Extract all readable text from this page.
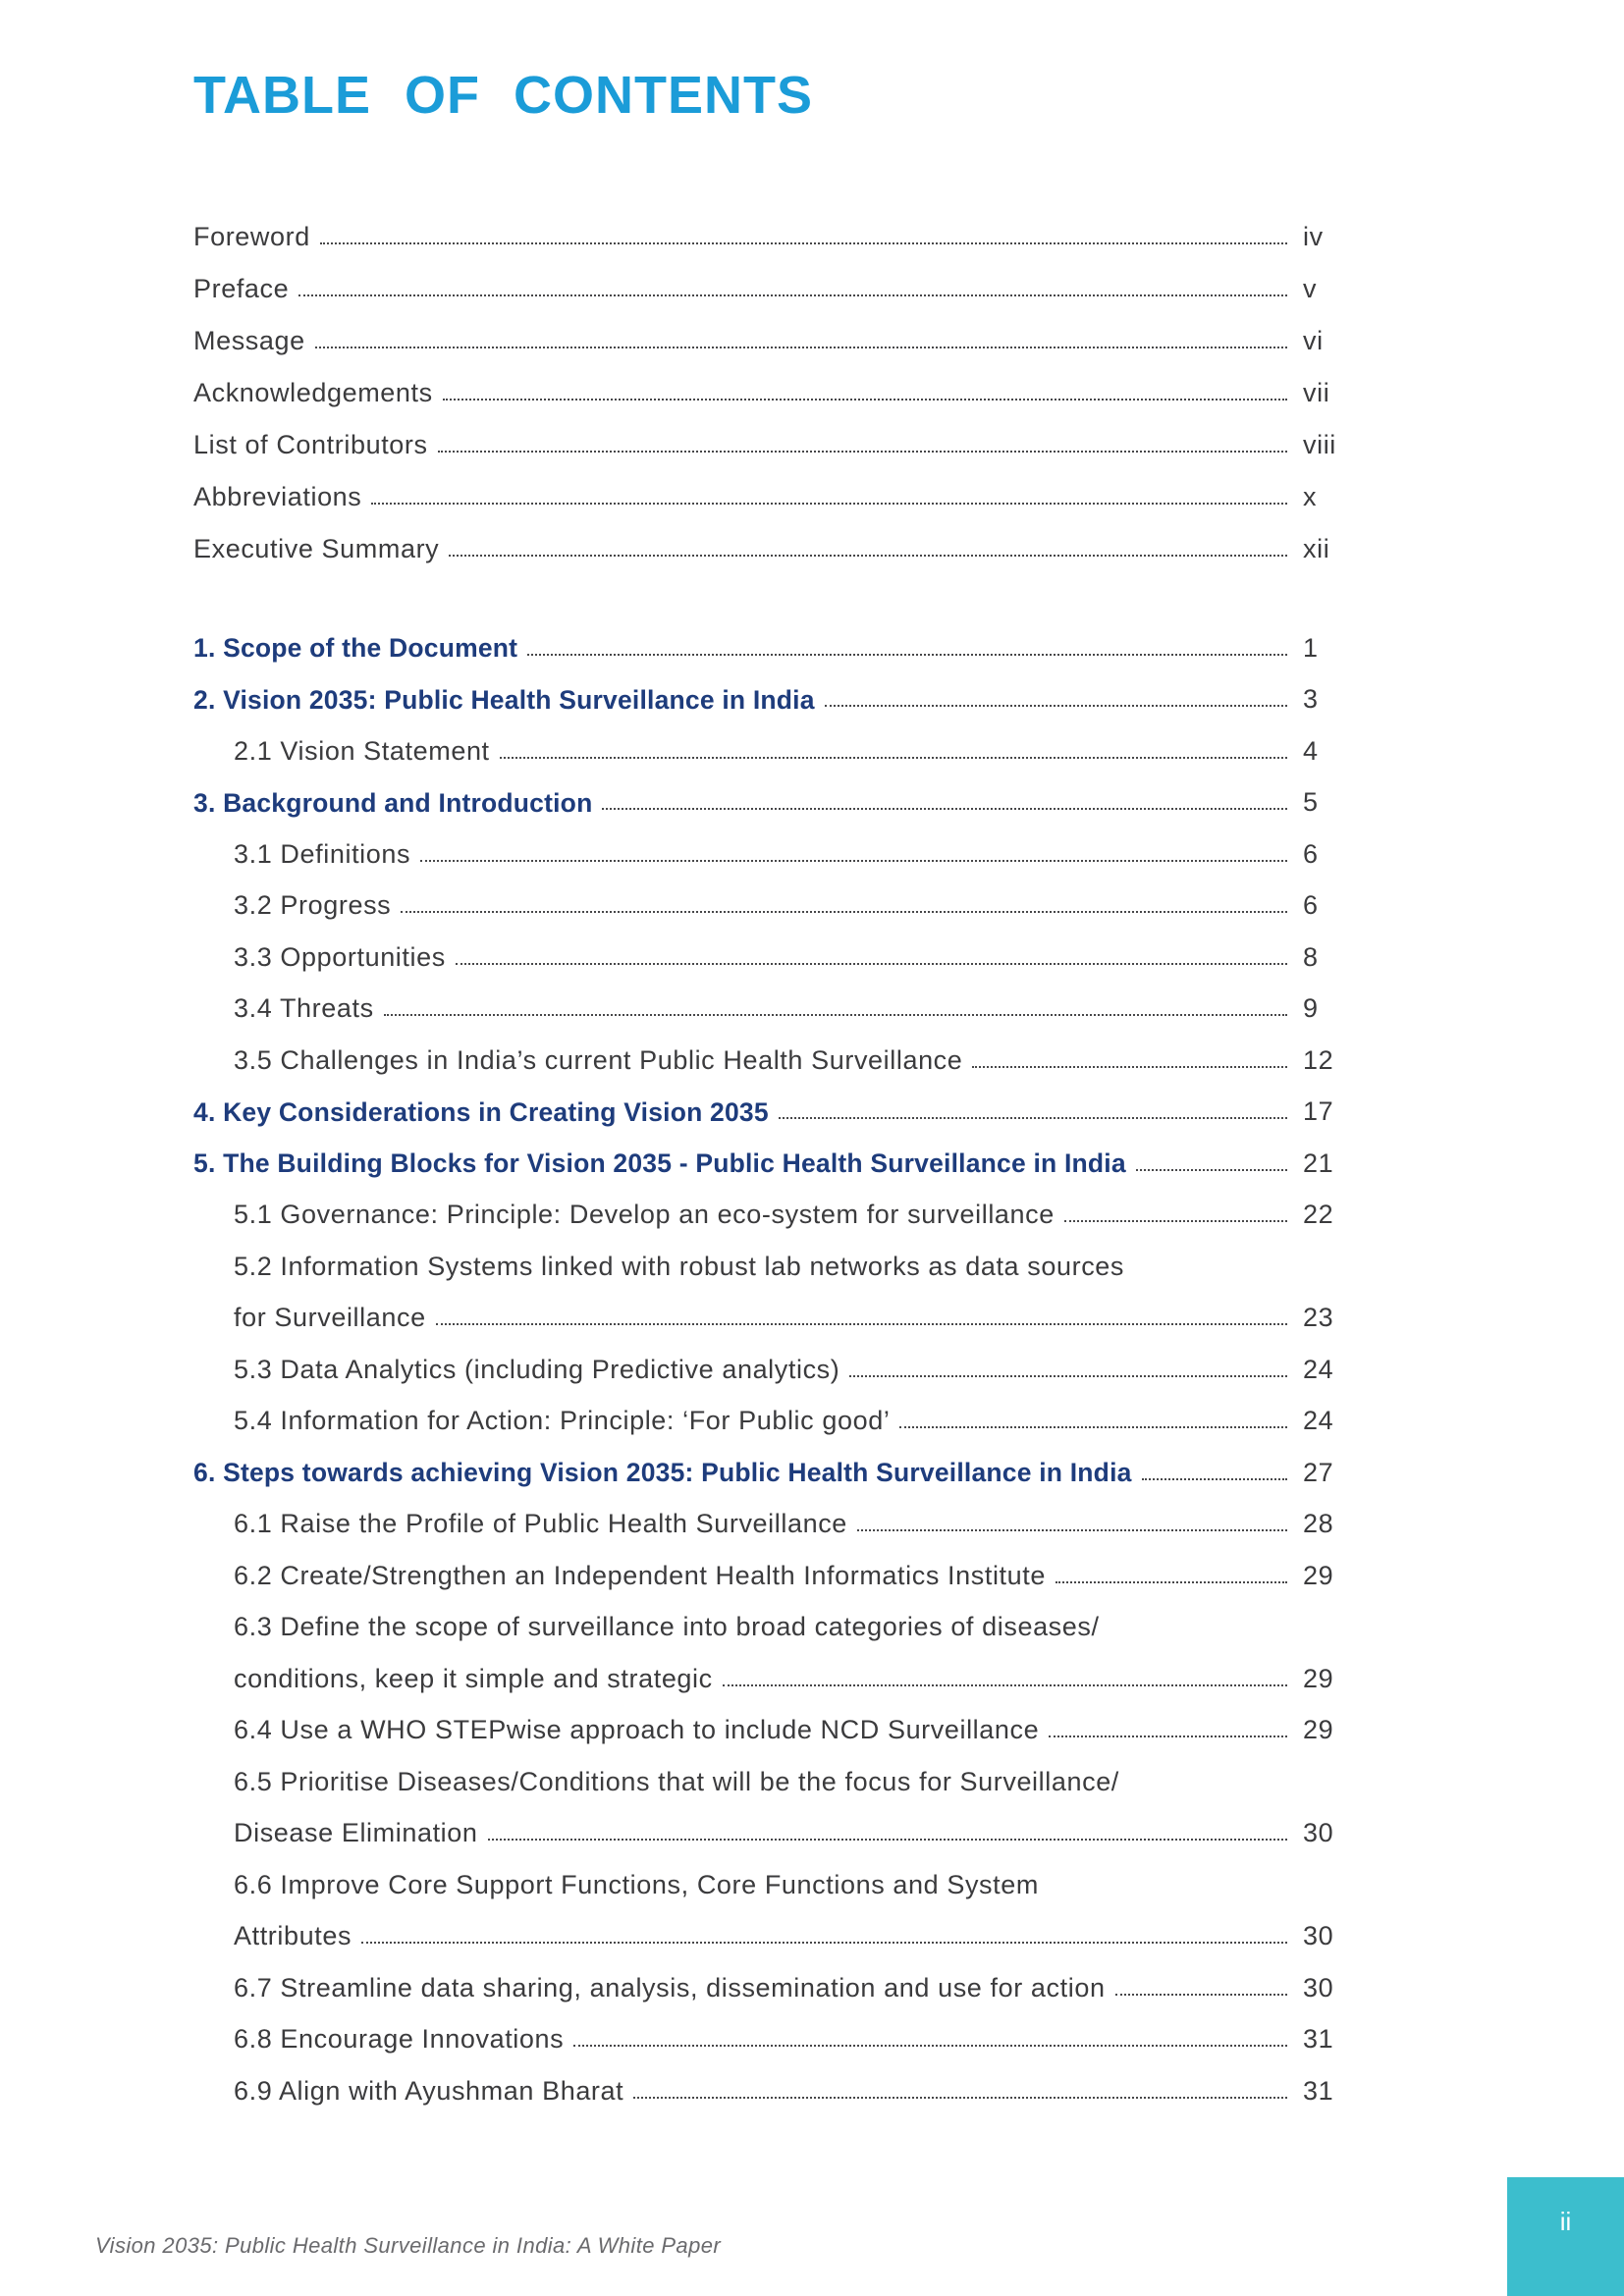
TABLE OF CONTENTS
Foreword	iv
Preface	v
Message	vi
Acknowledgements	vii
List of Contributors	viii
Abbreviations	x
Executive Summary	xii
1. Scope of the Document	1
2. Vision 2035: Public Health Surveillance in India	3
2.1 Vision Statement	4
3. Background and Introduction	5
3.1 Definitions	6
3.2 Progress	6
3.3 Opportunities	8
3.4 Threats	9
3.5 Challenges in India’s current Public Health Surveillance	12
4. Key Considerations in Creating Vision 2035	17
5. The Building Blocks for Vision 2035 - Public Health Surveillance in India	21
5.1 Governance: Principle: Develop an eco-system for surveillance	22
5.2 Information Systems linked with robust lab networks as data sources
for Surveillance	23
5.3 Data Analytics (including Predictive analytics)	24
5.4 Information for Action: Principle: ‘For Public good’	24
6. Steps towards achieving Vision 2035: Public Health Surveillance in India	27
6.1 Raise the Profile of Public Health Surveillance	28
6.2 Create/Strengthen an Independent Health Informatics Institute	29
6.3 Define the scope of surveillance into broad categories of diseases/
conditions, keep it simple and strategic	29
6.4 Use a WHO STEPwise approach to include NCD Surveillance	29
6.5 Prioritise Diseases/Conditions that will be the focus for Surveillance/
Disease Elimination	30
6.6 Improve Core Support Functions, Core Functions and System
Attributes	30
6.7 Streamline data sharing, analysis, dissemination and use for action	30
6.8 Encourage Innovations	31
6.9 Align with Ayushman Bharat	31
Vision 2035: Public Health Surveillance in India: A White Paper
ii
